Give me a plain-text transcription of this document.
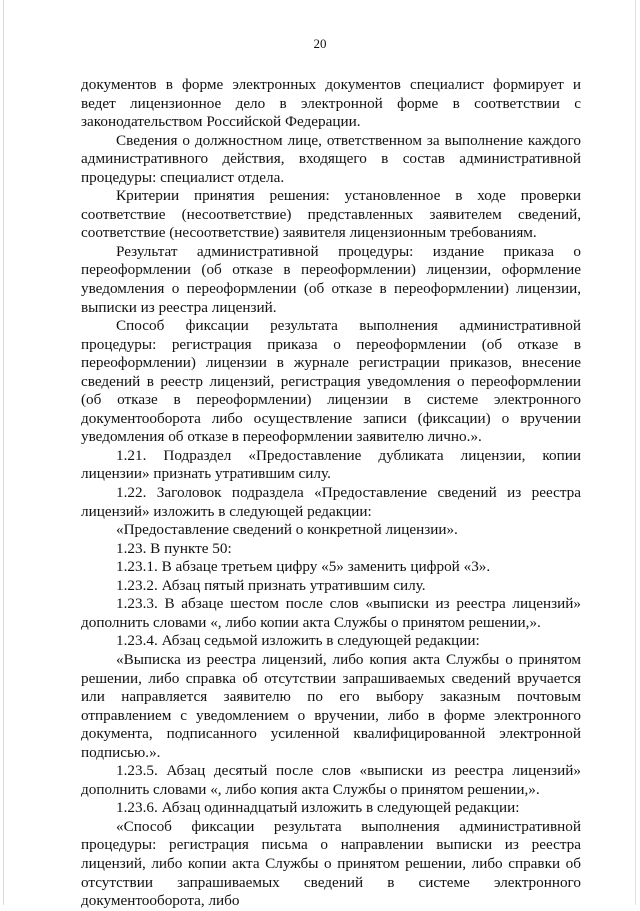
20

документов в форме электронных документов специалист формирует и ведет лицензионное дело в электронной форме в соответствии с законодательством Российской Федерации.

Сведения о должностном лице, ответственном за выполнение каждого административного действия, входящего в состав административной процедуры: специалист отдела.

Критерии принятия решения: установленное в ходе проверки соответствие (несоответствие) представленных заявителем сведений, соответствие (несоответствие) заявителя лицензионным требованиям.

Результат административной процедуры: издание приказа о переоформлении (об отказе в переоформлении) лицензии, оформление уведомления о переоформлении (об отказе в переоформлении) лицензии, выписки из реестра лицензий.

Способ фиксации результата выполнения административной процедуры: регистрация приказа о переоформлении (об отказе в переоформлении) лицензии в журнале регистрации приказов, внесение сведений в реестр лицензий, регистрация уведомления о переоформлении (об отказе в переоформлении) лицензии в системе электронного документооборота либо осуществление записи (фиксации) о вручении уведомления об отказе в переоформлении заявителю лично.».

1.21. Подраздел «Предоставление дубликата лицензии, копии лицензии» признать утратившим силу.

1.22. Заголовок подраздела «Предоставление сведений из реестра лицензий» изложить в следующей редакции:

«Предоставление сведений о конкретной лицензии».

1.23. В пункте 50:

1.23.1. В абзаце третьем цифру «5» заменить цифрой «3».

1.23.2. Абзац пятый признать утратившим силу.

1.23.3. В абзаце шестом после слов «выписки из реестра лицензий» дополнить словами «, либо копии акта Службы о принятом решении,».

1.23.4. Абзац седьмой изложить в следующей редакции:

«Выписка из реестра лицензий, либо копия акта Службы о принятом решении, либо справка об отсутствии запрашиваемых сведений вручается или направляется заявителю по его выбору заказным почтовым отправлением с уведомлением о вручении, либо в форме электронного документа, подписанного усиленной квалифицированной электронной подписью.».

1.23.5. Абзац десятый после слов «выписки из реестра лицензий» дополнить словами «, либо копия акта Службы о принятом решении,».

1.23.6. Абзац одиннадцатый изложить в следующей редакции:

«Способ фиксации результата выполнения административной процедуры: регистрация письма о направлении выписки из реестра лицензий, либо копии акта Службы о принятом решении, либо справки об отсутствии запрашиваемых сведений в системе электронного документооборота, либо
